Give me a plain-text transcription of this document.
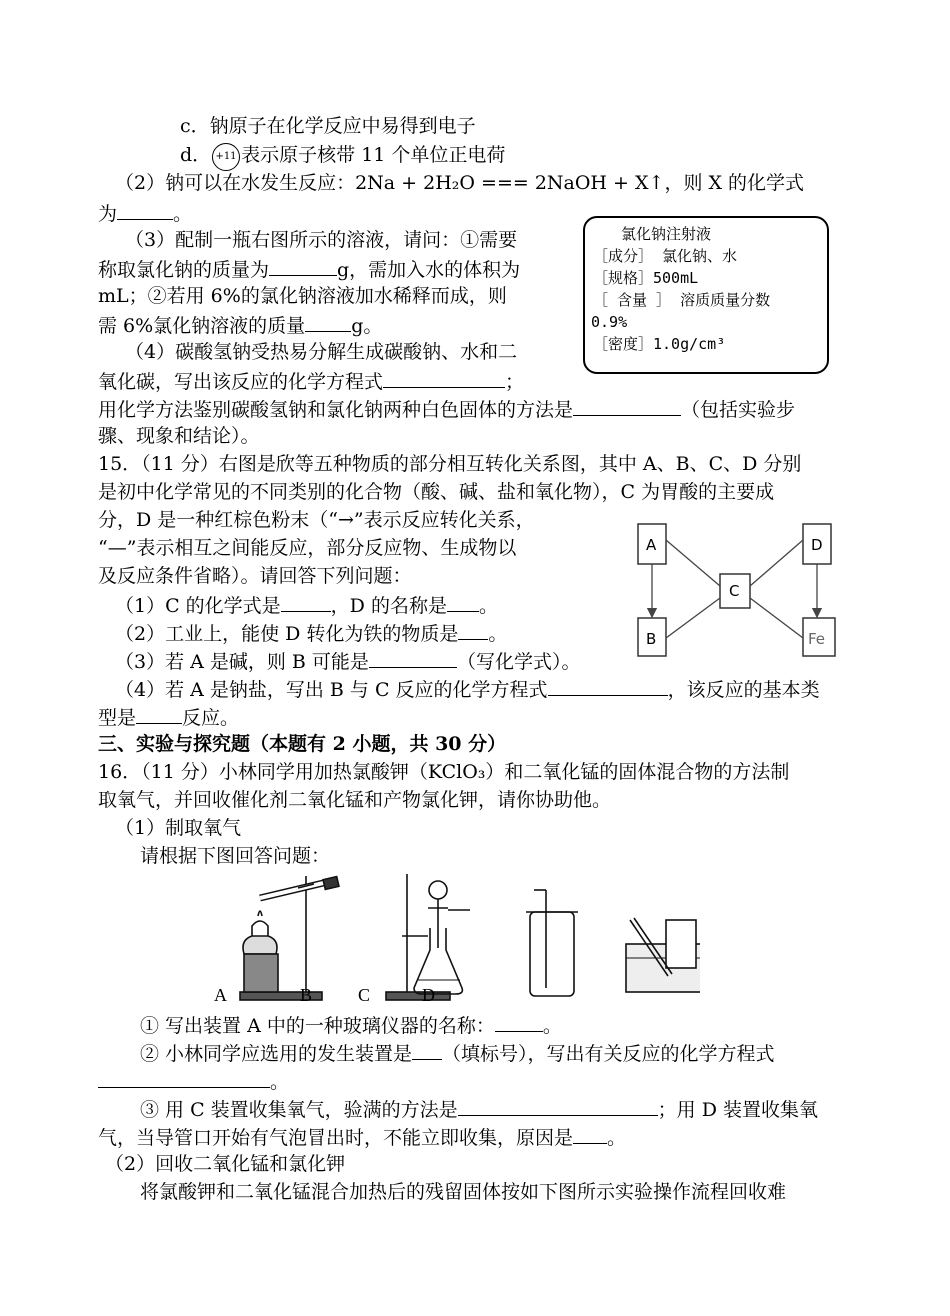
c．钠原子在化学反应中易得到电子
d． 表示原子核带 11 个单位正电荷
+11
（2）钠可以在水发生反应：2Na + 2H₂O === 2NaOH + X↑，则 X 的化学式
为	。
（3）配制一瓶右图所示的溶液，请问：①需要
称取氯化钠的质量为	g，需加入水的体积为
mL；②若用 6%的氯化钠溶液加水稀释而成，则
需 6%氯化钠溶液的质量 g。
（4）碳酸氢钠受热易分解生成碳酸钠、水和二
氧化碳，写出该反应的化学方程式	；
用化学方法鉴别碳酸氢钠和氯化钠两种白色固体的方法是	（包括实验步
骤、现象和结论）。
氯化钠注射液
［成分］ 氯化钠、水
［规格］500mL
［ 含量 ］ 溶质质量分数
0.9%
［密度］1.0g/cm³
15．（11 分）右图是欣等五种物质的部分相互转化关系图，其中 A、B、C、D 分别
是初中化学常见的不同类别的化合物（酸、碱、盐和氧化物），C 为胃酸的主要成
分，D 是一种红棕色粉末（“→”表示反应转化关系，
“—”表示相互之间能反应，部分反应物、生成物以
及反应条件省略）。请回答下列问题：
（1）C 的化学式是	，D 的名称是 。
（2）工业上，能使 D 转化为铁的物质是 。
（3）若 A 是碱，则 B 可能是	（写化学式）。
（4）若 A 是钠盐，写出 B 与 C 反应的化学方程式	，该反应的基本类
型是 反应。
A	D
C
B	Fe
三、实验与探究题（本题有 2 小题，共 30 分）
16．（11 分）小林同学用加热氯酸钾（KClO₃）和二氧化锰的固体混合物的方法制
取氧气，并回收催化剂二氧化锰和产物氯化钾，请你协助他。
（1）制取氧气
请根据下图回答问题：
A	B	C	D
① 写出装置 A 中的一种玻璃仪器的名称：	。
② 小林同学应选用的发生装置是 （填标号），写出有关反应的化学方程式
。
③ 用 C 装置收集氧气，验满的方法是	；用 D 装置收集氧
气，当导管口开始有气泡冒出时，不能立即收集，原因是 。
（2）回收二氧化锰和氯化钾
将氯酸钾和二氧化锰混合加热后的残留固体按如下图所示实验操作流程回收难
